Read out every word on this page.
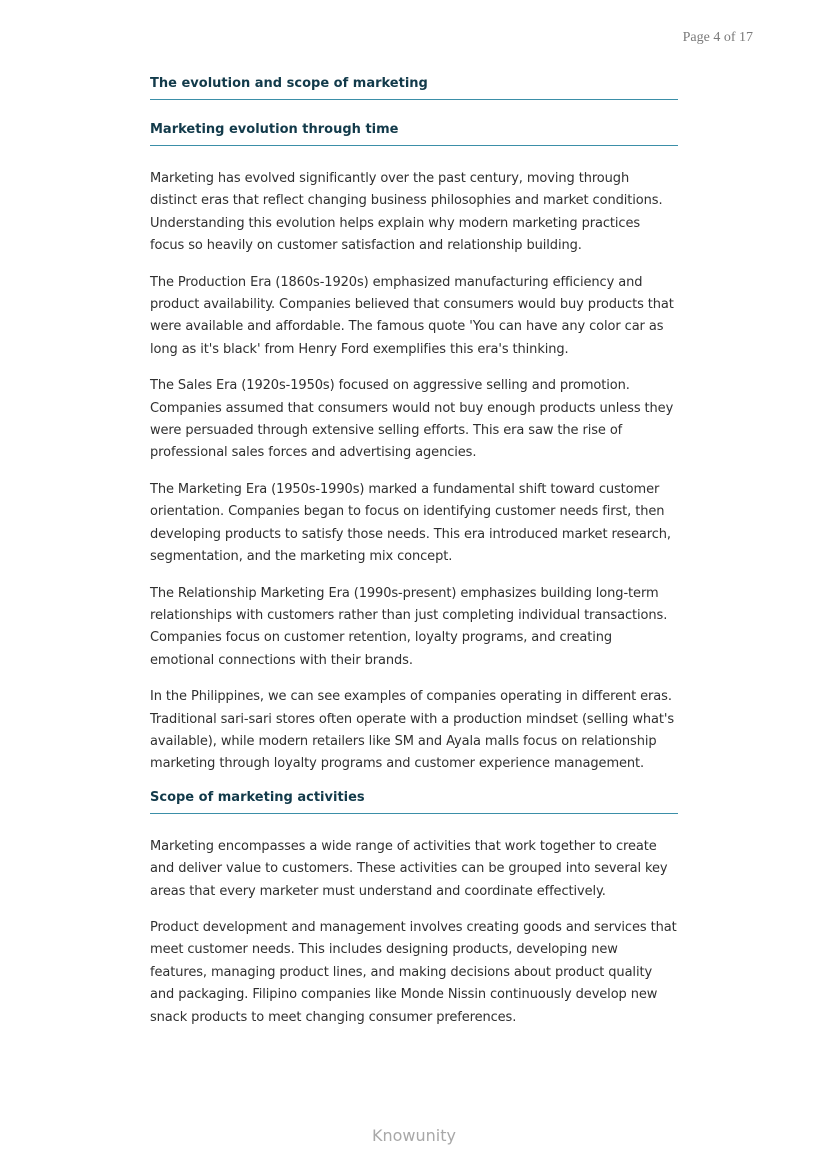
Page 4 of 17
The evolution and scope of marketing
Marketing evolution through time

Marketing has evolved significantly over the past century, moving through distinct eras that reflect changing business philosophies and market conditions. Understanding this evolution helps explain why modern marketing practices focus so heavily on customer satisfaction and relationship building.

The Production Era (1860s-1920s) emphasized manufacturing efficiency and product availability. Companies believed that consumers would buy products that were available and affordable. The famous quote 'You can have any color car as long as it's black' from Henry Ford exemplifies this era's thinking.

The Sales Era (1920s-1950s) focused on aggressive selling and promotion. Companies assumed that consumers would not buy enough products unless they were persuaded through extensive selling efforts. This era saw the rise of professional sales forces and advertising agencies.

The Marketing Era (1950s-1990s) marked a fundamental shift toward customer orientation. Companies began to focus on identifying customer needs first, then developing products to satisfy those needs. This era introduced market research, segmentation, and the marketing mix concept.

The Relationship Marketing Era (1990s-present) emphasizes building long-term relationships with customers rather than just completing individual transactions. Companies focus on customer retention, loyalty programs, and creating emotional connections with their brands.

In the Philippines, we can see examples of companies operating in different eras. Traditional sari-sari stores often operate with a production mindset (selling what's available), while modern retailers like SM and Ayala malls focus on relationship marketing through loyalty programs and customer experience management.

Scope of marketing activities

Marketing encompasses a wide range of activities that work together to create and deliver value to customers. These activities can be grouped into several key areas that every marketer must understand and coordinate effectively.

Product development and management involves creating goods and services that meet customer needs. This includes designing products, developing new features, managing product lines, and making decisions about product quality and packaging. Filipino companies like Monde Nissin continuously develop new snack products to meet changing consumer preferences.

Knowunity
